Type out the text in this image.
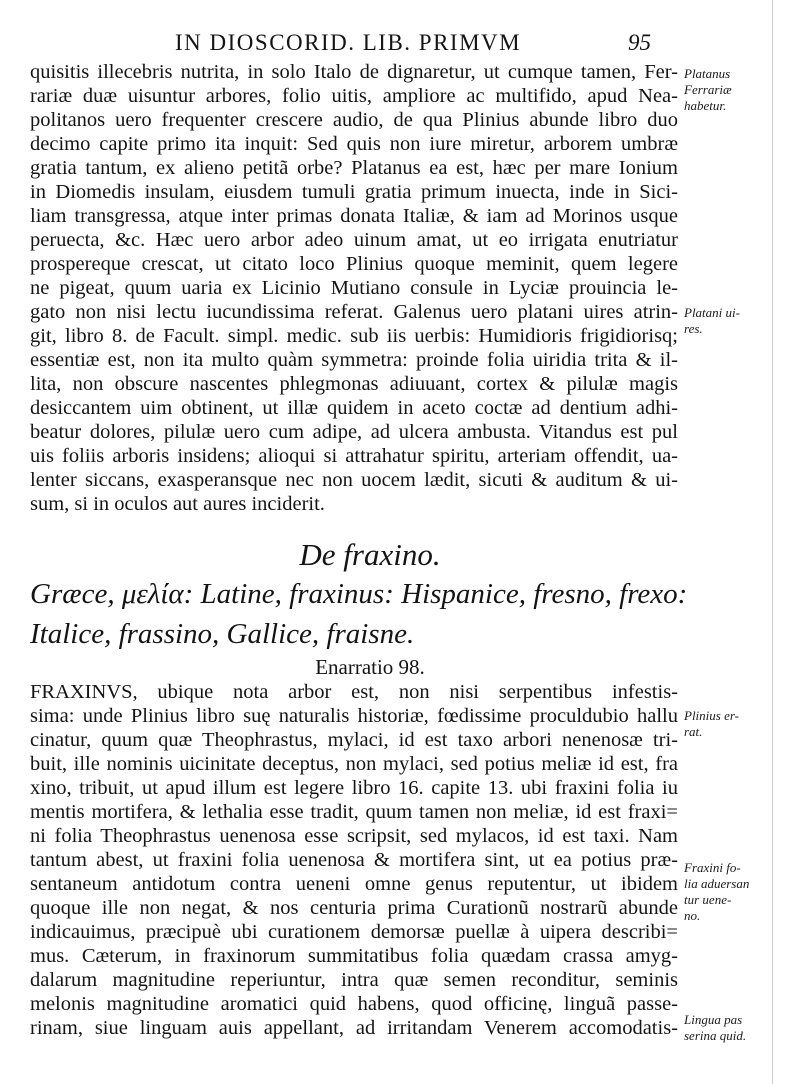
IN DIOSCORID. LIB. PRIMVM	95
quisitis illecebris nutrita, in solo Italo de dignaretur, ut cumque tamen, Fer-
rariæ duæ uisuntur arbores, folio uitis, ampliore ac multifido, apud Nea-
politanos uero frequenter crescere audio, de qua Plinius abunde libro duo
decimo capite primo ita inquit: Sed quis non iure miretur, arborem umbræ
gratia tantum, ex alieno petitã orbe? Platanus ea est, hæc per mare Ionium
in Diomedis insulam, eiusdem tumuli gratia primum inuecta, inde in Sici-
liam transgressa, atque inter primas donata Italiæ, & iam ad Morinos usque
peruecta, &c. Hæc uero arbor adeo uinum amat, ut eo irrigata enutriatur
prospereque crescat, ut citato loco Plinius quoque meminit, quem legere
ne pigeat, quum uaria ex Licinio Mutiano consule in Lyciæ prouincia le-
gato non nisi lectu iucundissima referat. Galenus uero platani uires atrin-
git, libro 8. de Facult. simpl. medic. sub iis uerbis: Humidioris frigidiorisq;
essentiæ est, non ita multo quàm symmetra: proinde folia uiridia trita & il-
lita, non obscure nascentes phlegmonas adiuuant, cortex & pilulæ magis
desiccantem uim obtinent, ut illæ quidem in aceto coctæ ad dentium adhi-
beatur dolores, pilulæ uero cum adipe, ad ulcera ambusta. Vitandus est pul
uis foliis arboris insidens; alioqui si attrahatur spiritu, arteriam offendit, ua-
lenter siccans, exasperansque nec non uocem lædit, sicuti & auditum & ui-
sum, si in oculos aut aures inciderit.
De fraxino.
Græce, μελία: Latine, fraxinus: Hispanice, fresno, frexo:
Italice, frassino, Gallice, fraisne.
Enarratio 98.
FRAXINVS, ubique nota arbor est, non nisi serpentibus infestis-
sima: unde Plinius libro suę naturalis historiæ, fœdissime proculdubio hallu
cinatur, quum quæ Theophrastus, mylaci, id est taxo arbori nenenosæ tri-
buit, ille nominis uicinitate deceptus, non mylaci, sed potius meliæ id est, fra
xino, tribuit, ut apud illum est legere libro 16. capite 13. ubi fraxini folia iu
mentis mortifera, & lethalia esse tradit, quum tamen non meliæ, id est fraxi=
ni folia Theophrastus uenenosa esse scripsit, sed mylacos, id est taxi. Nam
tantum abest, ut fraxini folia uenenosa & mortifera sint, ut ea potius præ-
sentaneum antidotum contra ueneni omne genus reputentur, ut ibidem
quoque ille non negat, & nos centuria prima Curationũ nostrarũ abunde
indicauimus, præcipuè ubi curationem demorsæ puellæ à uipera describi=
mus. Cæterum, in fraxinorum summitatibus folia quædam crassa amyg-
dalarum magnitudine reperiuntur, intra quæ semen reconditur, seminis
melonis magnitudine aromatici quid habens, quod officinę, linguã passe-
rinam, siue linguam auis appellant, ad irritandam Venerem accomodatis-
Platanus
Ferrariæ
habetur.
Platani ui-
res.
Plinius er-
rat.
Fraxini fo-
lia aduersan
tur uene-
no.
Lingua pas
serina quid.
